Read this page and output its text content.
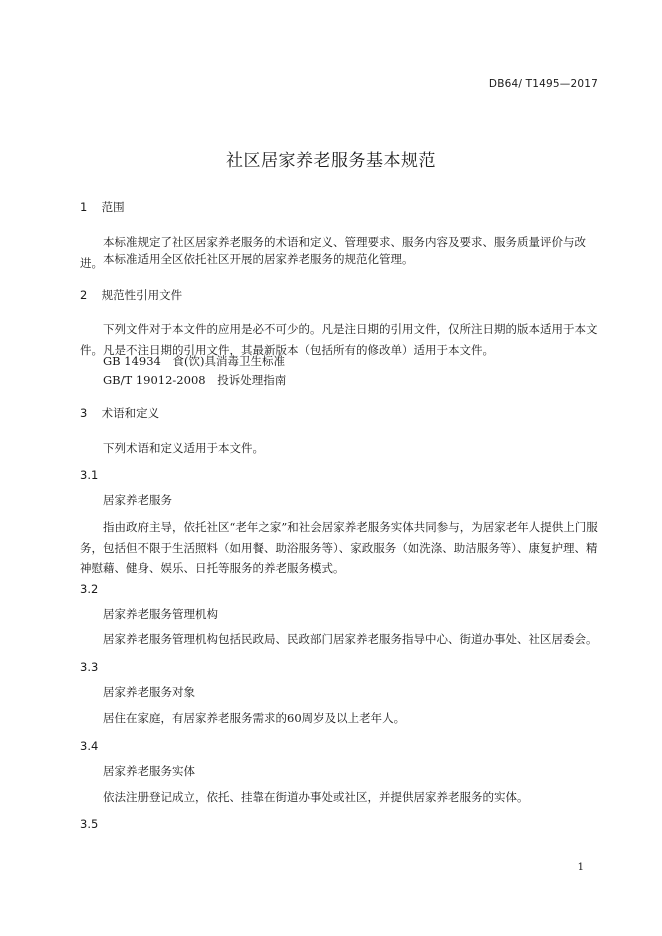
DB64/ T1495—2017
社区居家养老服务基本规范
1 范围

本标准规定了社区居家养老服务的术语和定义、管理要求、服务内容及要求、服务质量评价与改进。 本标准适用全区依托社区开展的居家养老服务的规范化管理。

2 规范性引用文件

下列文件对于本文件的应用是必不可少的。凡是注日期的引用文件，仅所注日期的版本适用于本文件。凡是不注日期的引用文件，其最新版本（包括所有的修改单）适用于本文件。

GB 14934 食(饮)具消毒卫生标准
GB/T 19012-2008 投诉处理指南
3 术语和定义

下列术语和定义适用于本文件。

3.1
居家养老服务

指由政府主导，依托社区“老年之家”和社会居家养老服务实体共同参与，为居家老年人提供上门服务，包括但不限于生活照料（如用餐、助浴服务等）、家政服务（如洗涤、助洁服务等）、康复护理、精神慰藉、健身、娱乐、日托等服务的养老服务模式。

3.2
居家养老服务管理机构

居家养老服务管理机构包括民政局、民政部门居家养老服务指导中心、街道办事处、社区居委会。

3.3
居家养老服务对象

居住在家庭，有居家养老服务需求的60周岁及以上老年人。

3.4
居家养老服务实体

依法注册登记成立，依托、挂靠在街道办事处或社区，并提供居家养老服务的实体。

3.5
1
